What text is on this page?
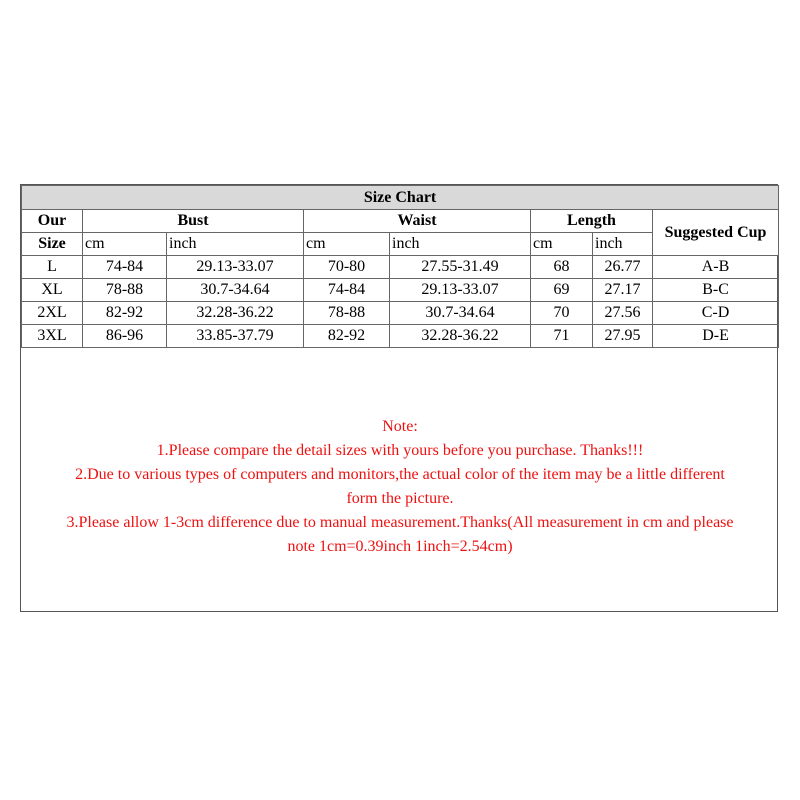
Size Chart							
Our	Bust		Waist		Length		Suggested Cup
Size	cm	inch	cm	inch	cm	inch	
L	74-84	29.13-33.07	70-80	27.55-31.49	68	26.77	A-B
XL	78-88	30.7-34.64	74-84	29.13-33.07	69	27.17	B-C
2XL	82-92	32.28-36.22	78-88	30.7-34.64	70	27.56	C-D
3XL	86-96	33.85-37.79	82-92	32.28-36.22	71	27.95	D-E
Note:
1.Please compare the detail sizes with yours before you purchase. Thanks!!!
2.Due to various types of computers and monitors,the actual color of the item may be a little different
form the picture.
3.Please allow 1-3cm difference due to manual measurement.Thanks(All measurement in cm and please
note 1cm=0.39inch 1inch=2.54cm)
